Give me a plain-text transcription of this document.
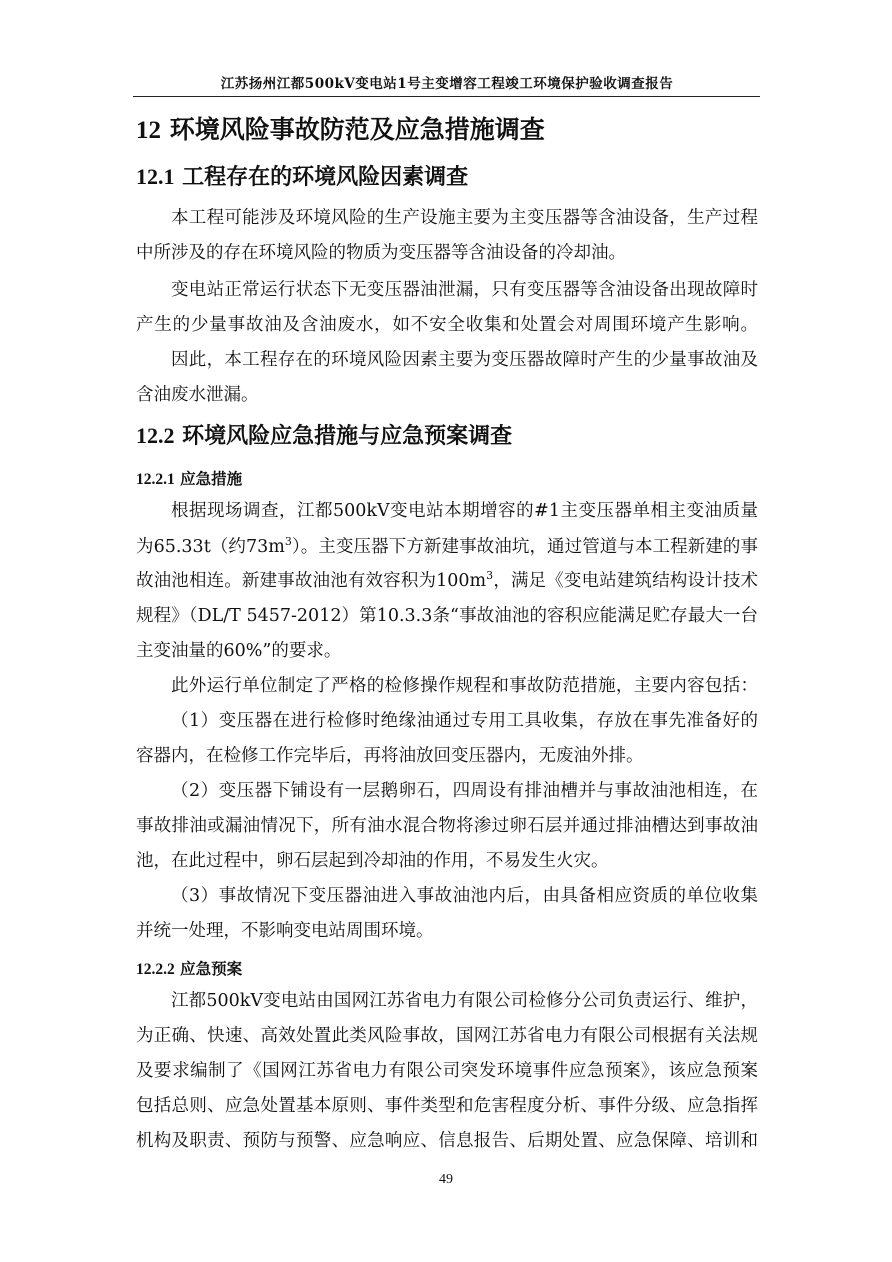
江苏扬州江都500kV变电站1号主变增容工程竣工环境保护验收调查报告
12 环境风险事故防范及应急措施调查
12.1 工程存在的环境风险因素调查
本工程可能涉及环境风险的生产设施主要为主变压器等含油设备，生产过程
中所涉及的存在环境风险的物质为变压器等含油设备的冷却油。
变电站正常运行状态下无变压器油泄漏，只有变压器等含油设备出现故障时
产生的少量事故油及含油废水，如不安全收集和处置会对周围环境产生影响。
因此，本工程存在的环境风险因素主要为变压器故障时产生的少量事故油及
含油废水泄漏。
12.2 环境风险应急措施与应急预案调查
12.2.1 应急措施
根据现场调查，江都500kV变电站本期增容的#1主变压器单相主变油质量
为65.33t（约$73m^3$）。主变压器下方新建事故油坑，通过管道与本工程新建的事
故油池相连。新建事故油池有效容积为$100m^3$，满足《变电站建筑结构设计技术
规程》（DL/T 5457-2012）第10.3.3条“事故油池的容积应能满足贮存最大一台
主变油量的60%”的要求。
此外运行单位制定了严格的检修操作规程和事故防范措施，主要内容包括：
（1）变压器在进行检修时绝缘油通过专用工具收集，存放在事先准备好的
容器内，在检修工作完毕后，再将油放回变压器内，无废油外排。
（2）变压器下铺设有一层鹅卵石，四周设有排油槽并与事故油池相连，在
事故排油或漏油情况下，所有油水混合物将渗过卵石层并通过排油槽达到事故油
池，在此过程中，卵石层起到冷却油的作用，不易发生火灾。
（3）事故情况下变压器油进入事故油池内后，由具备相应资质的单位收集
并统一处理，不影响变电站周围环境。
12.2.2 应急预案
江都500kV变电站由国网江苏省电力有限公司检修分公司负责运行、维护，
为正确、快速、高效处置此类风险事故，国网江苏省电力有限公司根据有关法规
及要求编制了《国网江苏省电力有限公司突发环境事件应急预案》，该应急预案
包括总则、应急处置基本原则、事件类型和危害程度分析、事件分级、应急指挥
机构及职责、预防与预警、应急响应、信息报告、后期处置、应急保障、培训和
49
